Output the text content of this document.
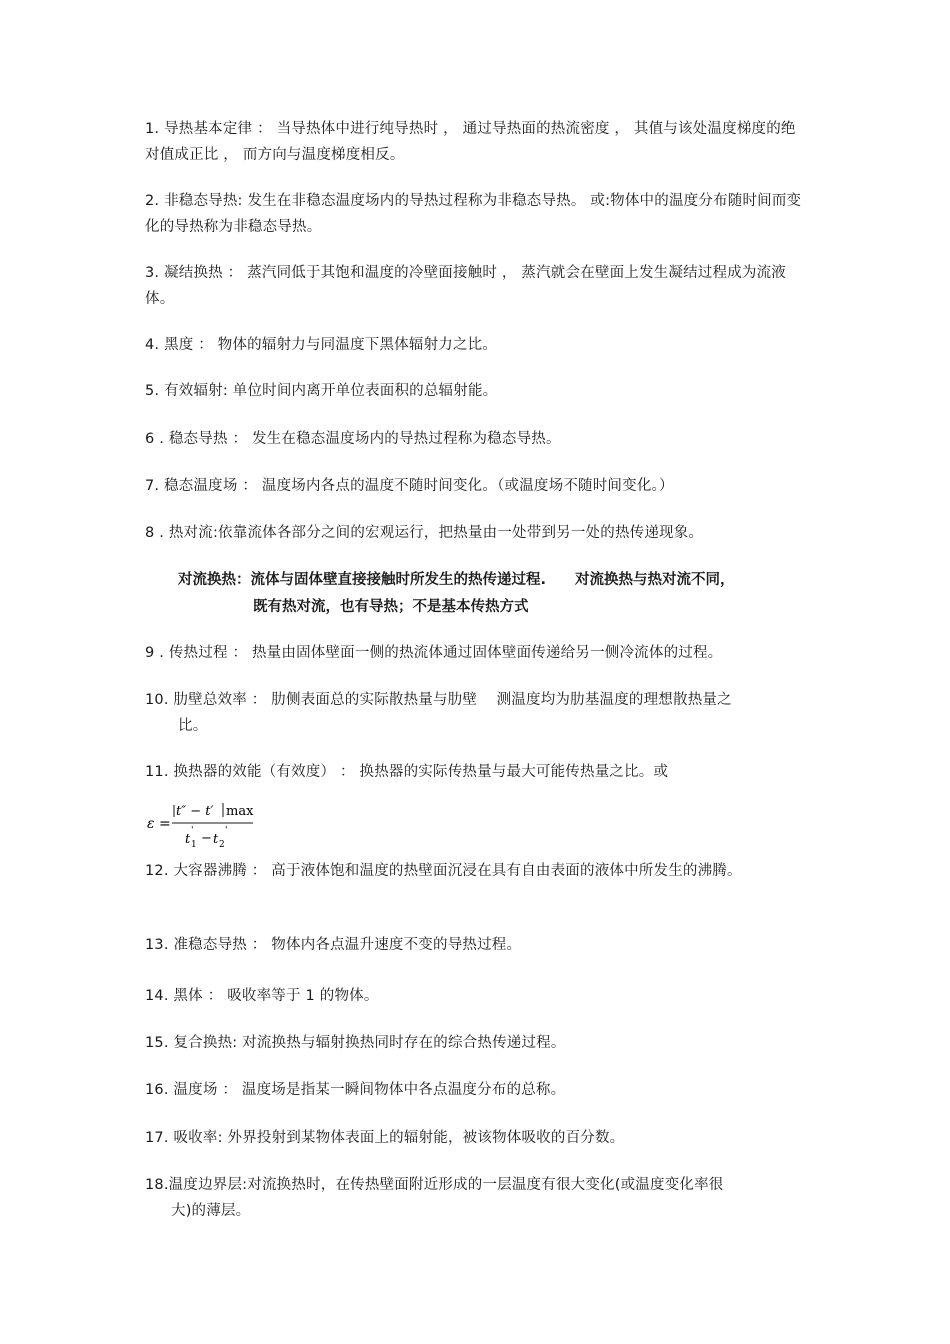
1. 导热基本定律 ： 当导热体中进行纯导热时 ， 通过导热面的热流密度 ， 其值与该处温度梯度的绝对值成正比 ， 而方向与温度梯度相反。
2. 非稳态导热: 发生在非稳态温度场内的导热过程称为非稳态导热。 或:物体中的温度分布随时间而变化的导热称为非稳态导热。
3. 凝结换热 ： 蒸汽同低于其饱和温度的冷壁面接触时 ， 蒸汽就会在壁面上发生凝结过程成为流液体。
4. 黑度 ： 物体的辐射力与同温度下黑体辐射力之比。
5. 有效辐射: 单位时间内离开单位表面积的总辐射能。
6 . 稳态导热 ： 发生在稳态温度场内的导热过程称为稳态导热。
7. 稳态温度场 ： 温度场内各点的温度不随时间变化。（或温度场不随时间变化。）
8 . 热对流:依靠流体各部分之间的宏观运行，把热量由一处带到另一处的热传递现象。
对流换热：流体与固体壁直接接触时所发生的热传递过程.　　对流换热与热对流不同，
既有热对流，也有导热；不是基本传热方式
9 . 传热过程 ： 热量由固体壁面一侧的热流体通过固体壁面传递给另一侧冷流体的过程。
10. 肋壁总效率 ： 肋侧表面总的实际散热量与肋壁 　测温度均为肋基温度的理想散热量之
比。
11. 换热器的效能（有效度） ： 换热器的实际传热量与最大可能传热量之比。或
ε =
t″ − t′ max
t 1
' − t 2
'
12. 大容器沸腾 ： 高于液体饱和温度的热壁面沉浸在具有自由表面的液体中所发生的沸腾。
13. 准稳态导热 ： 物体内各点温升速度不变的导热过程。
14. 黑体 ： 吸收率等于 1 的物体。
15. 复合换热: 对流换热与辐射换热同时存在的综合热传递过程。
16. 温度场 ： 温度场是指某一瞬间物体中各点温度分布的总称。
17. 吸收率: 外界投射到某物体表面上的辐射能，被该物体吸收的百分数。
18.温度边界层:对流换热时，在传热壁面附近形成的一层温度有很大变化(或温度变化率很
大)的薄层。
